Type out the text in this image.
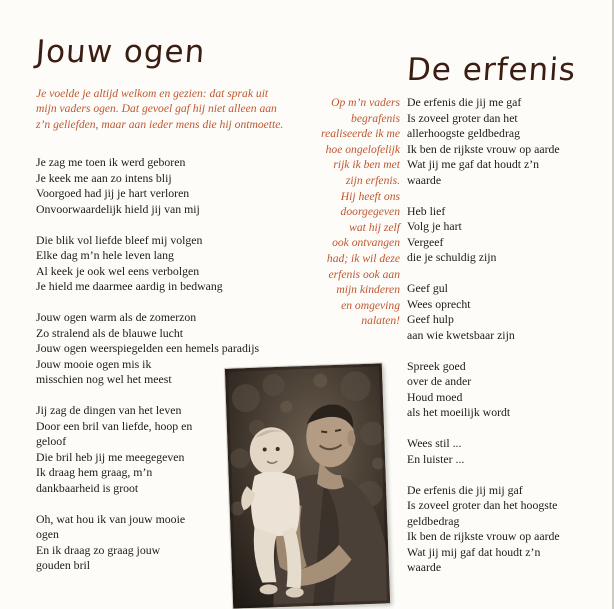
Jouw ogen

Je voelde je altijd welkom en gezien: dat sprak uit mijn vaders ogen. Dat gevoel gaf hij niet alleen aan z’n geliefden, maar aan ieder mens die hij ontmoette.

Je zag me toen ik werd geboren
Je keek me aan zo intens blij
Voorgoed had jij je hart verloren
Onvoorwaardelijk hield jij van mij
Die blik vol liefde bleef mij volgen
Elke dag m’n hele leven lang
Al keek je ook wel eens verbolgen
Je hield me daarmee aardig in bedwang
Jouw ogen warm als de zomerzon
Zo stralend als de blauwe lucht
Jouw ogen weerspiegelden een hemels paradijs
Jouw mooie ogen mis ik
misschien nog wel het meest
Jij zag de dingen van het leven
Door een bril van liefde, hoop en
geloof
Die bril heb jij me meegegeven
Ik draag hem graag, m’n
dankbaarheid is groot
Oh, wat hou ik van jouw mooie
ogen
En ik draag zo graag jouw
gouden bril
Op m’n vaders
begrafenis
realiseerde ik me
hoe ongelofelijk
rijk ik ben met
zijn erfenis.
Hij heeft ons
doorgegeven
wat hij zelf
ook ontvangen
had; ik wil deze
erfenis ook aan
mijn kinderen
en omgeving
nalaten!
De erfenis
De erfenis die jij me gaf
Is zoveel groter dan het
allerhoogste geldbedrag
Ik ben de rijkste vrouw op aarde
Wat jij me gaf dat houdt z’n
waarde
Heb lief
Volg je hart
Vergeef
die je schuldig zijn
Geef gul
Wees oprecht
Geef hulp
aan wie kwetsbaar zijn
Spreek goed
over de ander
Houd moed
als het moeilijk wordt
Wees stil ...
En luister ...
De erfenis die jij mij gaf
Is zoveel groter dan het hoogste
geldbedrag
Ik ben de rijkste vrouw op aarde
Wat jij mij gaf dat houdt z’n
waarde
